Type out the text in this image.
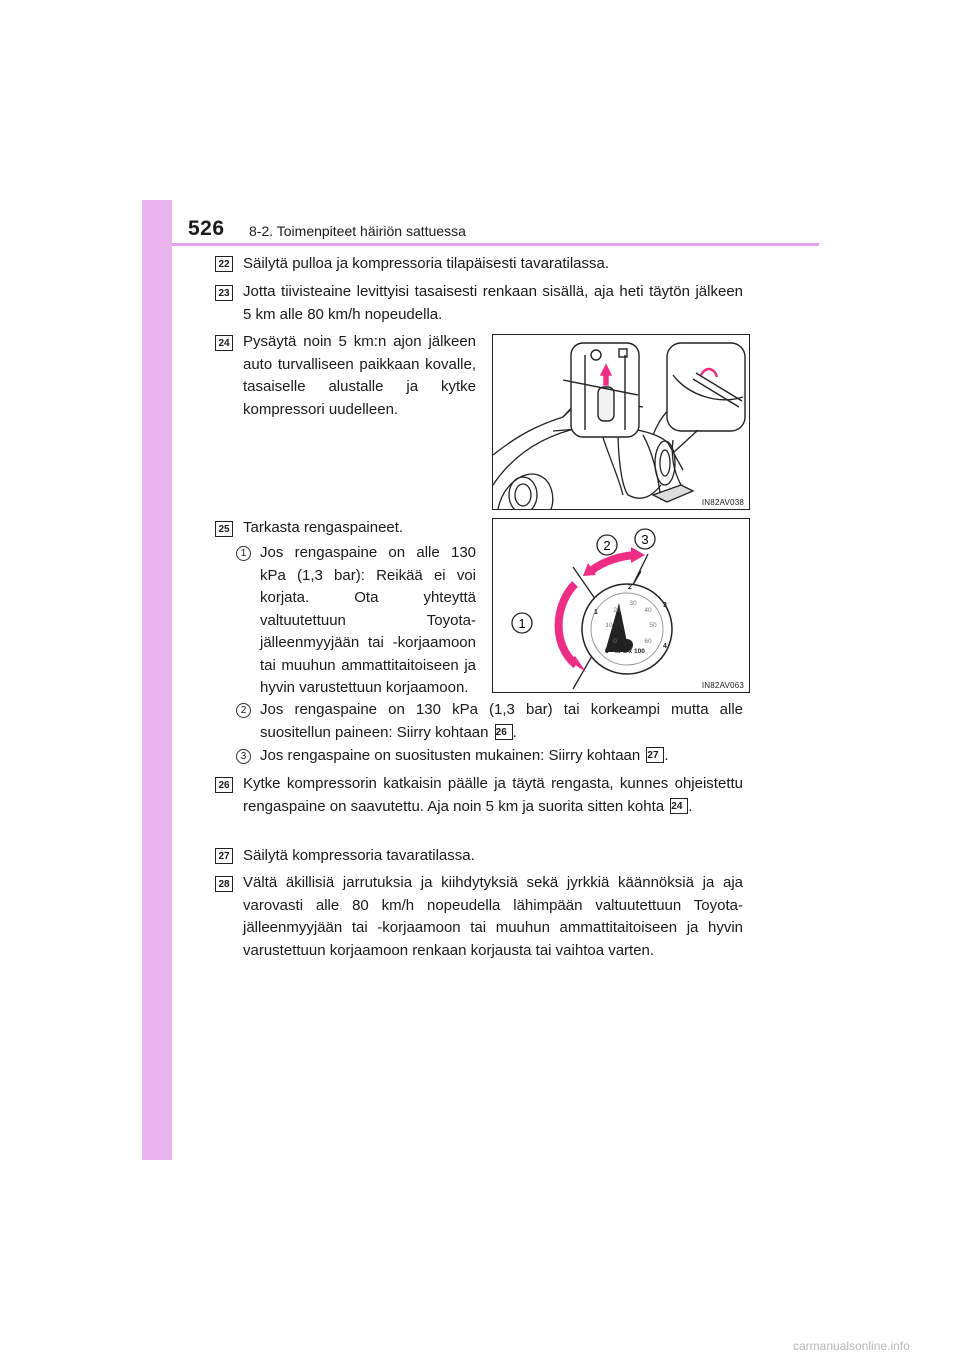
526 8-2. Toimenpiteet häiriön sattuessa
22 Säilytä pulloa ja kompressoria tilapäisesti tavaratilassa.
23 Jotta tiivisteaine levittyisi tasaisesti renkaan sisällä, aja heti täytön jälkeen 5 km alle 80 km/h nopeudella.
24 Pysäytä noin 5 km:n ajon jälkeen auto turvalliseen paikkaan kovalle, tasaiselle alustalle ja kytke kompressori uudelleen.
IN82AV038
25 Tarkasta rengaspaineet.
1 Jos rengaspaine on alle 130 kPa (1,3 bar): Reikää ei voi korjata. Ota yhteyttä valtuutettuun Toyota-jälleenmyyjään tai -korjaamoon tai muuhun ammattitaitoiseen ja hyvin varustettuun korjaamoon.
1
2 3
0
1
2
3
4
0
10
20
30
40
50
60
kPa x 100
IN82AV063
2 Jos rengaspaine on 130 kPa (1,3 bar) tai korkeampi mutta alle suositellun paineen: Siirry kohtaan 26 .
3 Jos rengaspaine on suositusten mukainen: Siirry kohtaan 27 .
26 Kytke kompressorin katkaisin päälle ja täytä rengasta, kunnes ohjeistettu rengaspaine on saavutettu. Aja noin 5 km ja suorita sitten kohta 24 .
27 Säilytä kompressoria tavaratilassa.
28 Vältä äkillisiä jarrutuksia ja kiihdytyksiä sekä jyrkkiä käännöksiä ja aja varovasti alle 80 km/h nopeudella lähimpään valtuutettuun Toyota-jälleenmyyjään tai -korjaamoon tai muuhun ammattitaitoiseen ja hyvin varustettuun korjaamoon renkaan korjausta tai vaihtoa varten.
carmanualsonline.info
